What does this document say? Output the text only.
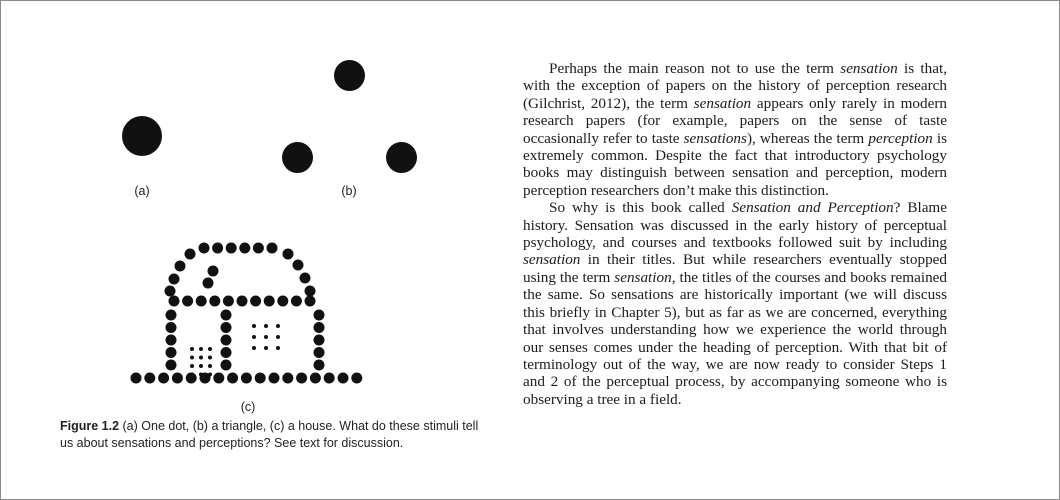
(a)	(b)
(c)
Figure 1.2 (a) One dot, (b) a triangle, (c) a house. What do these stimuli tell us about sensations and perceptions? See text for discussion.

Perhaps the main reason not to use the term sensation is that, with the exception of papers on the history of perception research (Gilchrist, 2012), the term sensation appears only rarely in modern research papers (for example, papers on the sense of taste occasionally refer to taste sensations), whereas the term perception is extremely common. Despite the fact that introductory psychology books may distinguish between sensation and perception, modern perception researchers don’t make this distinction.

So why is this book called Sensation and Perception? Blame history. Sensation was discussed in the early history of perceptual psychology, and courses and textbooks followed suit by including sensation in their titles. But while researchers eventually stopped using the term sensation, the titles of the courses and books remained the same. So sensations are historically important (we will discuss this briefly in Chapter 5), but as far as we are concerned, everything that involves understanding how we experience the world through our senses comes under the heading of perception. With that bit of terminology out of the way, we are now ready to consider Steps 1 and 2 of the perceptual process, by accompanying someone who is observing a tree in a field.
